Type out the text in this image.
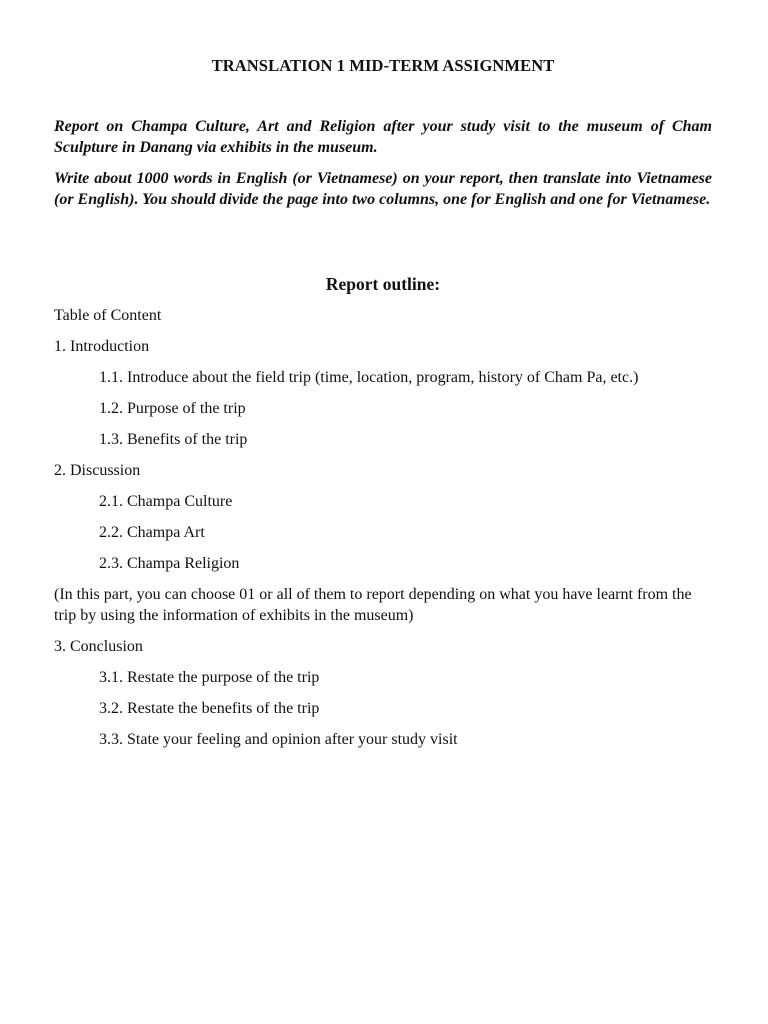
TRANSLATION 1 MID-TERM ASSIGNMENT

Report on Champa Culture, Art and Religion after your study visit to the museum of Cham Sculpture in Danang via exhibits in the museum.

Write about 1000 words in English (or Vietnamese) on your report, then translate into Vietnamese (or English). You should divide the page into two columns, one for English and one for Vietnamese.

Report outline:
Table of Content
1. Introduction
1.1. Introduce about the field trip (time, location, program, history of Cham Pa, etc.)
1.2. Purpose of the trip
1.3. Benefits of the trip
2. Discussion
2.1. Champa Culture
2.2. Champa Art
2.3. Champa Religion
(In this part, you can choose 01 or all of them to report depending on what you have learnt from the trip by using the information of exhibits in the museum)
3. Conclusion
3.1. Restate the purpose of the trip
3.2. Restate the benefits of the trip
3.3. State your feeling and opinion after your study visit
